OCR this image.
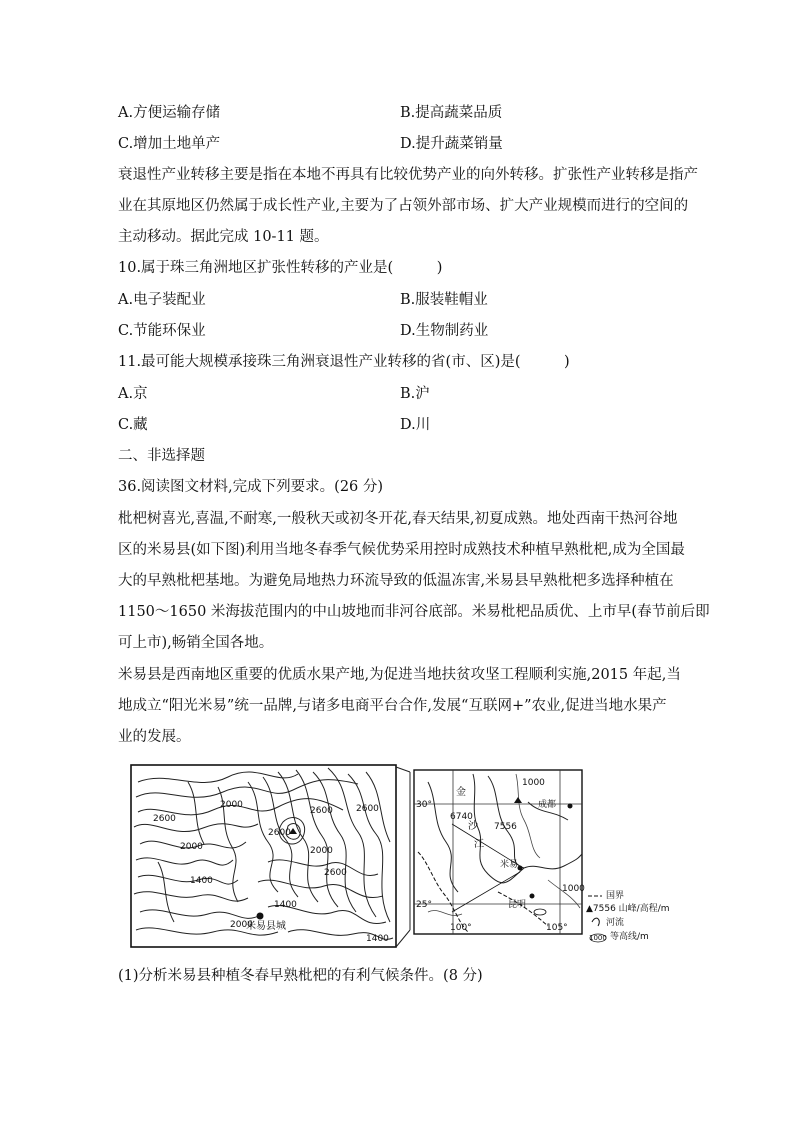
A.方便运输存储	B.提高蔬菜品质
C.增加土地单产	D.提升蔬菜销量
衰退性产业转移主要是指在本地不再具有比较优势产业的向外转移。扩张性产业转移是指产
业在其原地区仍然属于成长性产业,主要为了占领外部市场、扩大产业规模而进行的空间的
主动移动。据此完成 10-11 题。
10.属于珠三角洲地区扩张性转移的产业是(　　　)
A.电子装配业	B.服装鞋帽业
C.节能环保业	D.生物制药业
11.最可能大规模承接珠三角洲衰退性产业转移的省(市、区)是(　　　)
A.京	B.沪
C.藏	D.川
二、非选择题
36.阅读图文材料,完成下列要求。(26 分)
枇杷树喜光,喜温,不耐寒,一般秋天或初冬开花,春天结果,初夏成熟。地处西南干热河谷地
区的米易县(如下图)利用当地冬春季气候优势采用控时成熟技术种植早熟枇杷,成为全国最
大的早熟枇杷基地。为避免局地热力环流导致的低温冻害,米易县早熟枇杷多选择种植在
1150～1650 米海拔范围内的中山坡地而非河谷底部。米易枇杷品质优、上市早(春节前后即
可上市),畅销全国各地。
米易县是西南地区重要的优质水果产地,为促进当地扶贫攻坚工程顺利实施,2015 年起,当
地成立“阳光米易”统一品牌,与诸多电商平台合作,发展“互联网+”农业,促进当地水果产
业的发展。
2000
2600
2000
2600
2000
2600
2600
1400
1400
2000
2600
1400
米易县城
金
沙
江
30°
25°
100°	105°
成都
昆明
米易
7556
1000
1000
6740
国界
▲7556 山峰/高程/m
河流
1000 等高线/m
(1)分析米易县种植冬春早熟枇杷的有利气候条件。(8 分)
